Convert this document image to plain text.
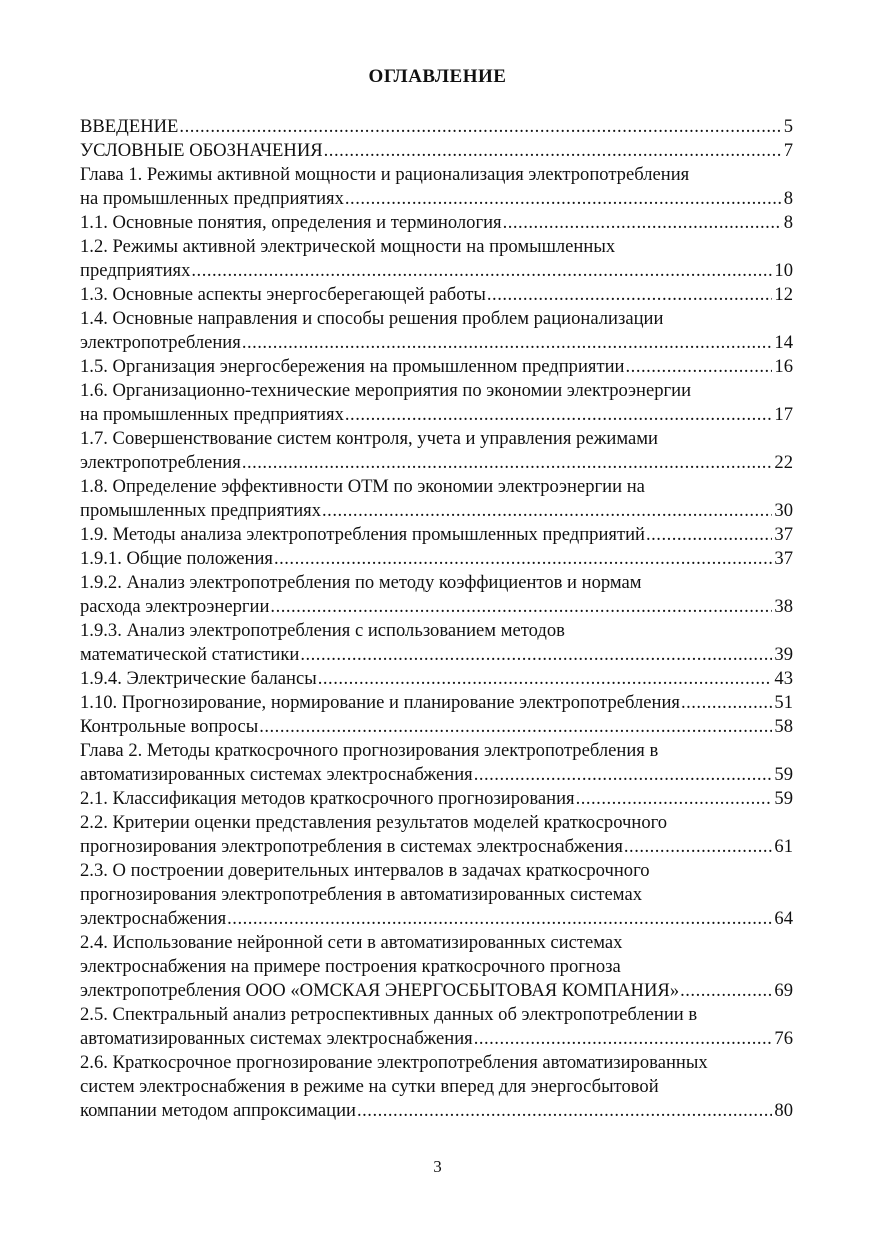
ОГЛАВЛЕНИЕ
ВВЕДЕНИЕ .....	5
УСЛОВНЫЕ ОБОЗНАЧЕНИЯ .....	7
Глава 1. Режимы активной мощности и рационализация электропотребления
на промышленных предприятиях .....	8
1.1. Основные понятия, определения и терминология .....	8
1.2. Режимы активной электрической мощности на промышленных
предприятиях .....	10
1.3. Основные аспекты энергосберегающей работы .....	12
1.4. Основные направления и способы решения проблем рационализации
электропотребления .....	14
1.5. Организация энергосбережения на промышленном предприятии .....	16
1.6. Организационно-технические мероприятия по экономии электроэнергии
на промышленных предприятиях .....	17
1.7. Совершенствование систем контроля, учета и управления режимами
электропотребления .....	22
1.8. Определение эффективности ОТМ по экономии электроэнергии на
промышленных предприятиях .....	30
1.9. Методы анализа электропотребления промышленных предприятий .....	37
1.9.1. Общие положения .....	37
1.9.2. Анализ электропотребления по методу коэффициентов и нормам
расхода электроэнергии .....	38
1.9.3. Анализ электропотребления с использованием методов
математической статистики .....	39
1.9.4. Электрические балансы .....	43
1.10. Прогнозирование, нормирование и планирование электропотребления .....	51
Контрольные вопросы .....	58
Глава 2. Методы краткосрочного прогнозирования электропотребления в
автоматизированных системах электроснабжения .....	59
2.1. Классификация методов краткосрочного прогнозирования .....	59
2.2. Критерии оценки представления результатов моделей краткосрочного
прогнозирования электропотребления в системах электроснабжения .....	61
2.3. О построении доверительных интервалов в задачах краткосрочного
прогнозирования электропотребления в автоматизированных системах
электроснабжения .....	64
2.4. Использование нейронной сети в автоматизированных системах
электроснабжения на примере построения краткосрочного прогноза
электропотребления ООО «ОМСКАЯ ЭНЕРГОСБЫТОВАЯ КОМПАНИЯ» .....	69
2.5. Спектральный анализ ретроспективных данных об электропотреблении в
автоматизированных системах электроснабжения .....	76
2.6. Краткосрочное прогнозирование электропотребления автоматизированных
систем электроснабжения в режиме на сутки вперед для энергосбытовой
компании методом аппроксимации .....	80

3
